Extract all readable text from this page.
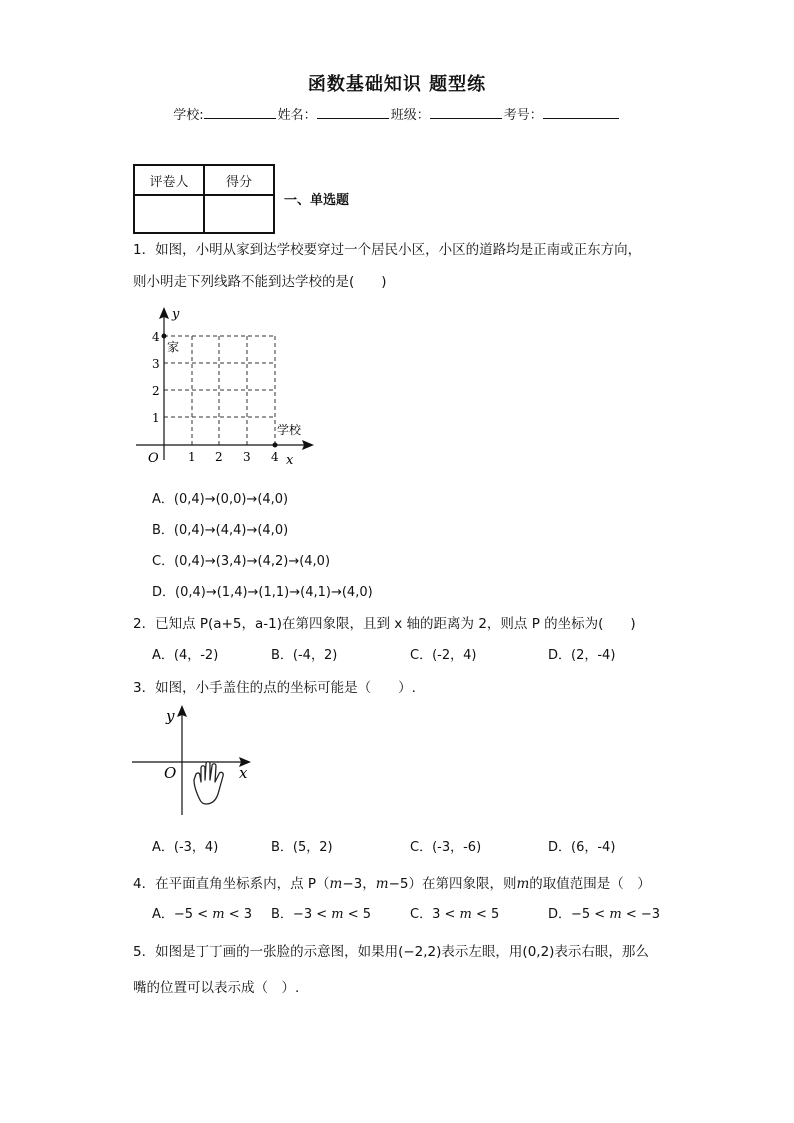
函数基础知识 题型练
学校:	姓名：	班级：	考号：
评卷人	得分

一、单选题
1．如图，小明从家到达学校要穿过一个居民小区，小区的道路均是正南或正东方向，
则小明走下列线路不能到达学校的是(　　)
y
x
O
家
学校
1 2 3 4
1
2
3
4
A．(0,4)→(0,0)→(4,0)
B．(0,4)→(4,4)→(4,0)
C．(0,4)→(3,4)→(4,2)→(4,0)
D．(0,4)→(1,4)→(1,1)→(4,1)→(4,0)
2．已知点 P(a+5，a-1)在第四象限，且到 x 轴的距离为 2，则点 P 的坐标为(　　)
A．(4，-2)	B．(-4，2)	C．(-2，4)	D．(2，-4)
3．如图，小手盖住的点的坐标可能是（　　）.
y
x
O
A．(-3，4)	B．(5，2)	C．(-3，-6)	D．(6，-4)
4．在平面直角坐标系内，点 P（m−3，m−5）在第四象限，则m的取值范围是（　）
A．−5 < m < 3 B．−3 < m < 5	C．3 < m < 5	D．−5 < m < −3
5．如图是丁丁画的一张脸的示意图，如果用(−2,2)表示左眼，用(0,2)表示右眼，那么
嘴的位置可以表示成（　）.
